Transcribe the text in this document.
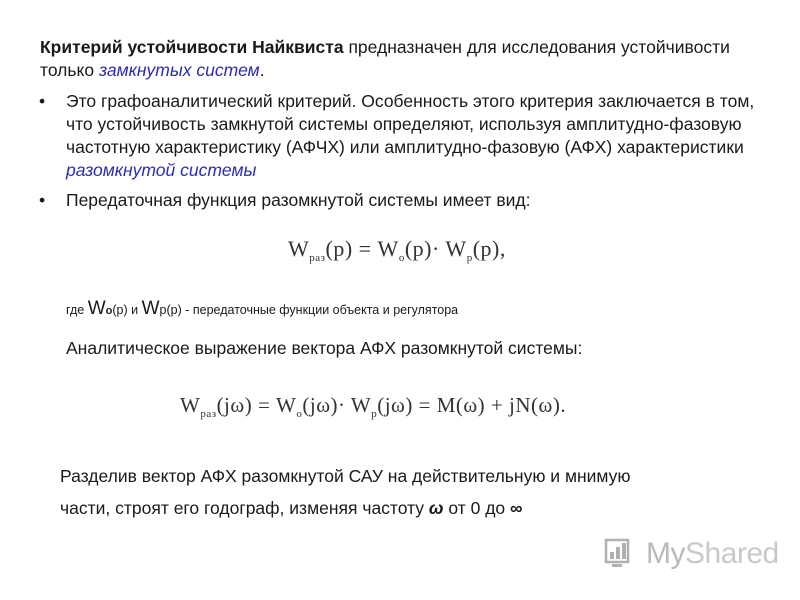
Критерий устойчивости Найквиста предназначен для исследования устойчивости только замкнутых систем.
• Это графоаналитический критерий. Особенность этого критерия заключается в том, что устойчивость замкнутой системы определяют, используя амплитудно-фазовую частотную характеристику (АФЧХ) или амплитудно-фазовую (АФХ) характеристики разомкнутой системы
• Передаточная функция разомкнутой системы имеет вид:
$W_{раз}(p) = W_o(p)\cdot W_p(p)$,
где Wo(p) и Wp(p) - передаточные функции объекта и регулятора
Аналитическое выражение вектора АФХ разомкнутой системы:
$W_{раз}(j\omega) = W_o(j\omega)\cdot W_p(j\omega) = M(\omega) + jN(\omega)$.
Разделив вектор АФХ разомкнутой САУ на действительную и мнимую
части, строят его годограф, изменяя частоту ω от 0 до ∞
MyShared
